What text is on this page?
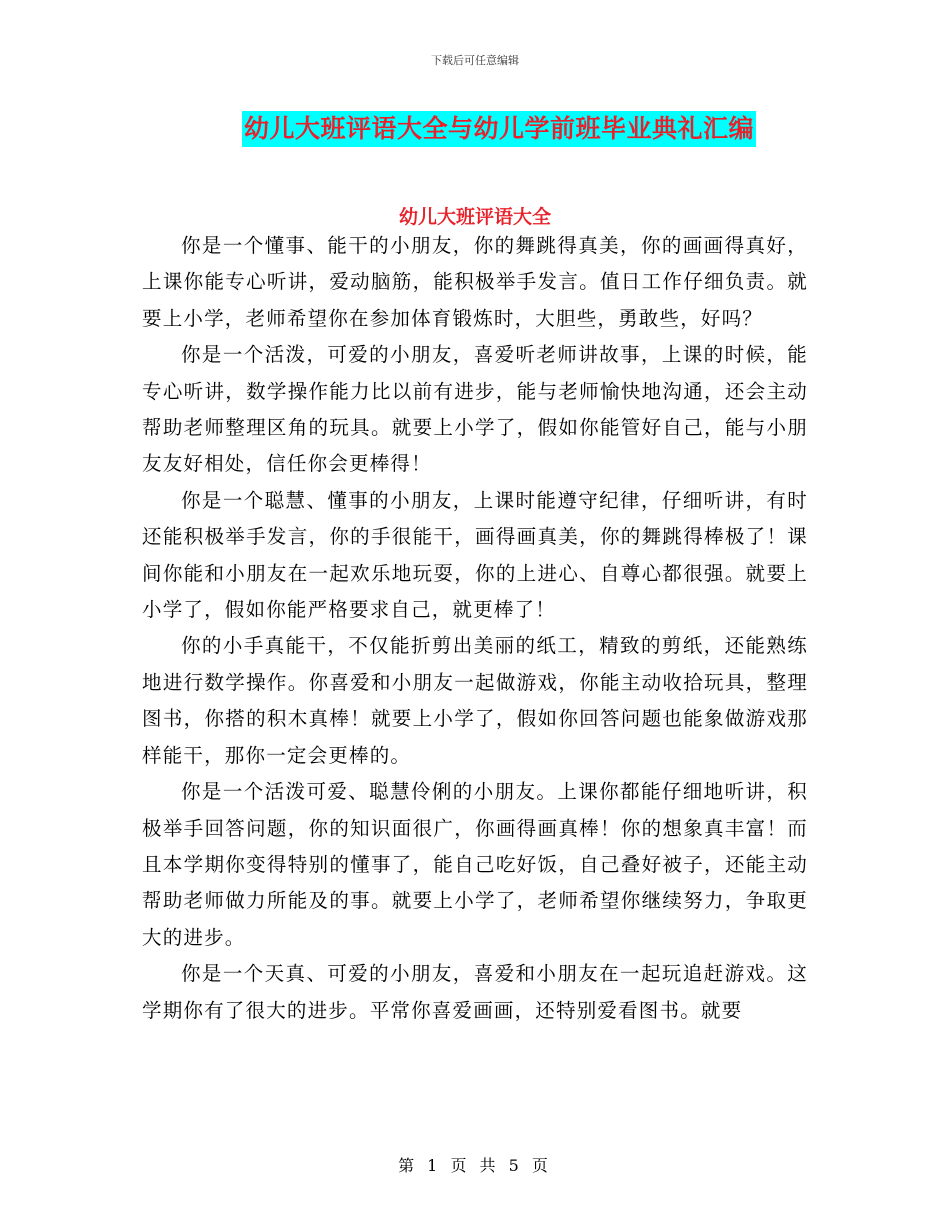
下载后可任意编辑
幼儿大班评语大全与幼儿学前班毕业典礼汇编
幼儿大班评语大全

你是一个懂事、能干的小朋友，你的舞跳得真美，你的画画得真好，上课你能专心听讲，爱动脑筋，能积极举手发言。值日工作仔细负责。就要上小学，老师希望你在参加体育锻炼时，大胆些，勇敢些，好吗？

你是一个活泼，可爱的小朋友，喜爱听老师讲故事，上课的时候，能专心听讲，数学操作能力比以前有进步，能与老师愉快地沟通，还会主动帮助老师整理区角的玩具。就要上小学了，假如你能管好自己，能与小朋友友好相处，信任你会更棒得！

你是一个聪慧、懂事的小朋友，上课时能遵守纪律，仔细听讲，有时还能积极举手发言，你的手很能干，画得画真美，你的舞跳得棒极了！课间你能和小朋友在一起欢乐地玩耍，你的上进心、自尊心都很强。就要上小学了，假如你能严格要求自己，就更棒了！

你的小手真能干，不仅能折剪出美丽的纸工，精致的剪纸，还能熟练地进行数学操作。你喜爱和小朋友一起做游戏，你能主动收拾玩具，整理图书，你搭的积木真棒！就要上小学了，假如你回答问题也能象做游戏那样能干，那你一定会更棒的。

你是一个活泼可爱、聪慧伶俐的小朋友。上课你都能仔细地听讲，积极举手回答问题，你的知识面很广，你画得画真棒！你的想象真丰富！而且本学期你变得特别的懂事了，能自己吃好饭，自己叠好被子，还能主动帮助老师做力所能及的事。就要上小学了，老师希望你继续努力，争取更大的进步。

你是一个天真、可爱的小朋友，喜爱和小朋友在一起玩追赶游戏。这学期你有了很大的进步。平常你喜爱画画，还特别爱看图书。就要

第 1 页 共 5 页
